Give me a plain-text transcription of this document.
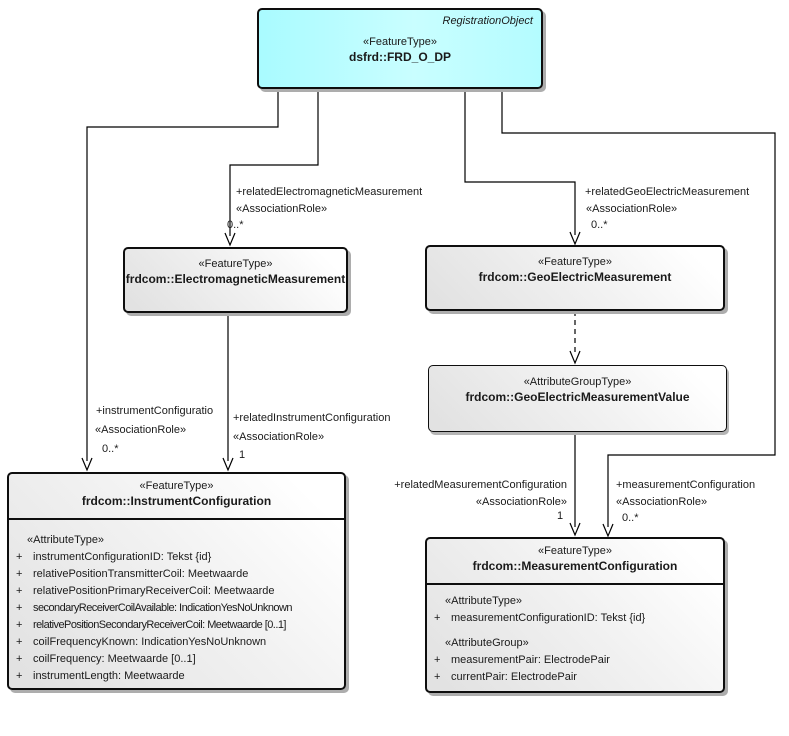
RegistrationObject
«FeatureType»
dsfrd::FRD_O_DP
«FeatureType»
frdcom::ElectromagneticMeasurement
«FeatureType»
frdcom::GeoElectricMeasurement
«AttributeGroupType»
frdcom::GeoElectricMeasurementValue
«FeatureType»
frdcom::InstrumentConfiguration
«AttributeType»
+ instrumentConfigurationID: Tekst {id}
+ relativePositionTransmitterCoil: Meetwaarde
+ relativePositionPrimaryReceiverCoil: Meetwaarde
+ secondaryReceiverCoilAvailable: IndicationYesNoUnknown
+ relativePositionSecondaryReceiverCoil: Meetwaarde [0..1]
+ coilFrequencyKnown: IndicationYesNoUnknown
+ coilFrequency: Meetwaarde [0..1]
+ instrumentLength: Meetwaarde
«FeatureType»
frdcom::MeasurementConfiguration
«AttributeType»
+ measurementConfigurationID: Tekst {id}
«AttributeGroup»
+ measurementPair: ElectrodePair
+ currentPair: ElectrodePair
+relatedElectromagneticMeasurement
«AssociationRole»
0..*
+relatedGeoElectricMeasurement
«AssociationRole»
0..*
+instrumentConfiguratio
«AssociationRole»
0..*
+relatedInstrumentConfiguration
«AssociationRole»
1
+relatedMeasurementConfiguration
«AssociationRole»
1
+measurementConfiguration
«AssociationRole»
0..*
